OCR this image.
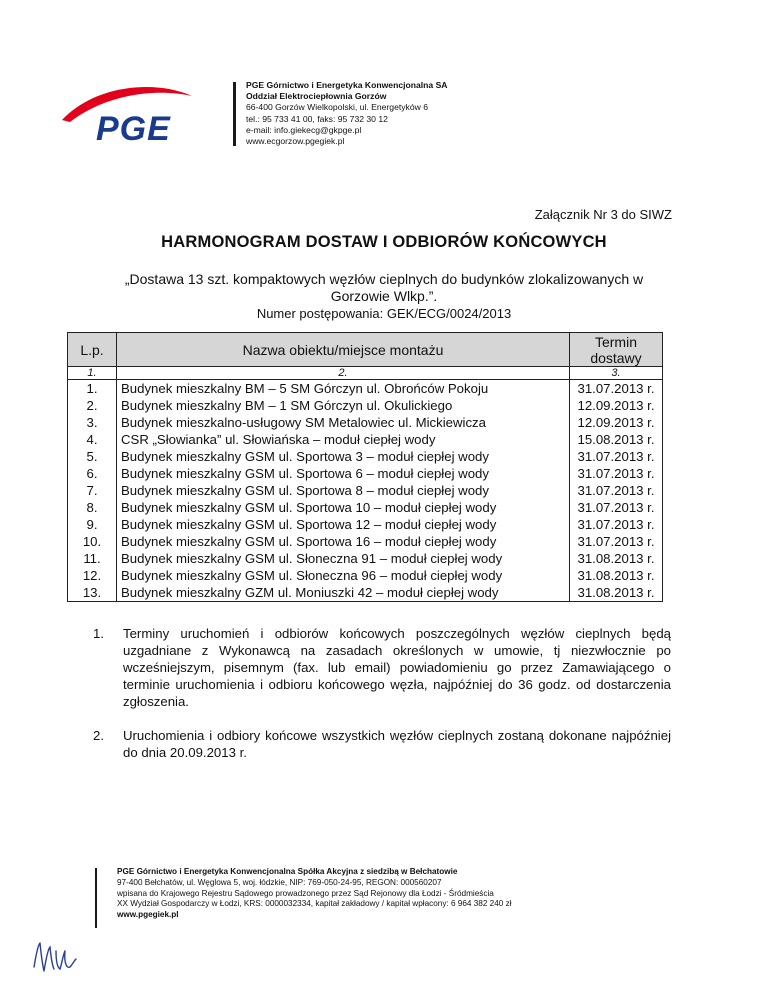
PGE
PGE Górnictwo i Energetyka Konwencjonalna SA
Oddział Elektrociepłownia Gorzów
66-400 Gorzów Wielkopolski, ul. Energetyków 6
tel.: 95 733 41 00, faks: 95 732 30 12
e-mail: info.giekecg@gkpge.pl
www.ecgorzow.pgegiek.pl
Załącznik Nr 3 do SIWZ
HARMONOGRAM DOSTAW I ODBIORÓW KOŃCOWYCH
„Dostawa 13 szt. kompaktowych węzłów cieplnych do budynków zlokalizowanych w
Gorzowie Wlkp.”.
Numer postępowania: GEK/ECG/0024/2013
L.p.	Nazwa obiektu/miejsce montażu	Termin dostawy
1.	2.	3.
1.	Budynek mieszkalny BM – 5 SM Górczyn ul. Obrońców Pokoju	31.07.2013 r.
2.	Budynek mieszkalny BM – 1 SM Górczyn ul. Okulickiego	12.09.2013 r.
3.	Budynek mieszkalno-usługowy SM Metalowiec ul. Mickiewicza	12.09.2013 r.
4.	CSR „Słowianka” ul. Słowiańska – moduł ciepłej wody	15.08.2013 r.
5.	Budynek mieszkalny GSM ul. Sportowa 3 – moduł ciepłej wody	31.07.2013 r.
6.	Budynek mieszkalny GSM ul. Sportowa 6 – moduł ciepłej wody	31.07.2013 r.
7.	Budynek mieszkalny GSM ul. Sportowa 8 – moduł ciepłej wody	31.07.2013 r.
8.	Budynek mieszkalny GSM ul. Sportowa 10 – moduł ciepłej wody	31.07.2013 r.
9.	Budynek mieszkalny GSM ul. Sportowa 12 – moduł ciepłej wody	31.07.2013 r.
10.	Budynek mieszkalny GSM ul. Sportowa 16 – moduł ciepłej wody	31.07.2013 r.
11.	Budynek mieszkalny GSM ul. Słoneczna 91 – moduł ciepłej wody	31.08.2013 r.
12.	Budynek mieszkalny GSM ul. Słoneczna 96 – moduł ciepłej wody	31.08.2013 r.
13.	Budynek mieszkalny GZM ul. Moniuszki 42 – moduł ciepłej wody	31.08.2013 r.
1. Terminy uruchomień i odbiorów końcowych poszczególnych węzłów cieplnych będą uzgadniane z Wykonawcą na zasadach określonych w umowie, tj niezwłocznie po wcześniejszym, pisemnym (fax. lub email) powiadomieniu go przez Zamawiającego o terminie uruchomienia i odbioru końcowego węzła, najpóźniej do 36 godz. od dostarczenia zgłoszenia.
2. Uruchomienia i odbiory końcowe wszystkich węzłów cieplnych zostaną dokonane najpóźniej do dnia 20.09.2013 r.
PGE Górnictwo i Energetyka Konwencjonalna Spółka Akcyjna z siedzibą w Bełchatowie
97-400 Bełchatów, ul. Węglowa 5, woj. łódzkie, NIP: 769-050-24-95, REGON: 000560207
wpisana do Krajowego Rejestru Sądowego prowadzonego przez Sąd Rejonowy dla Łodzi - Śródmieścia
XX Wydział Gospodarczy w Łodzi, KRS: 0000032334, kapitał zakładowy / kapitał wpłacony: 6 964 382 240 zł
www.pgegiek.pl
